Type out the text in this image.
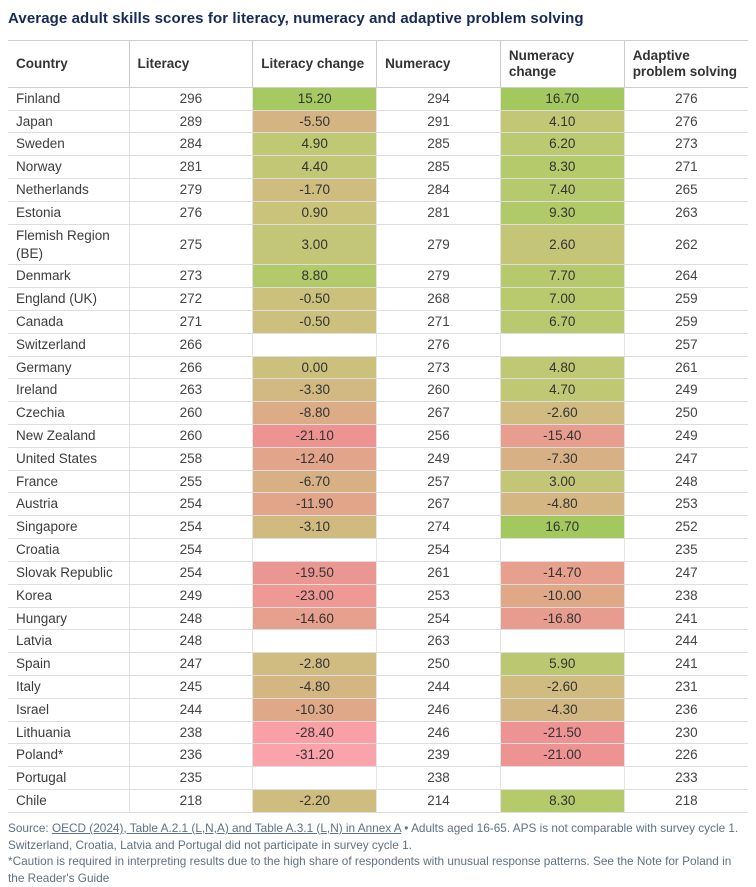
Average adult skills scores for literacy, numeracy and adaptive problem solving
Country	Literacy	Literacy change	Numeracy	Numeracy change	Adaptive problem solving
Finland	296	15.20	294	16.70	276
Japan	289	-5.50	291	4.10	276
Sweden	284	4.90	285	6.20	273
Norway	281	4.40	285	8.30	271
Netherlands	279	-1.70	284	7.40	265
Estonia	276	0.90	281	9.30	263
Flemish Region (BE)	275	3.00	279	2.60	262
Denmark	273	8.80	279	7.70	264
England (UK)	272	-0.50	268	7.00	259
Canada	271	-0.50	271	6.70	259
Switzerland	266		276		257
Germany	266	0.00	273	4.80	261
Ireland	263	-3.30	260	4.70	249
Czechia	260	-8.80	267	-2.60	250
New Zealand	260	-21.10	256	-15.40	249
United States	258	-12.40	249	-7.30	247
France	255	-6.70	257	3.00	248
Austria	254	-11.90	267	-4.80	253
Singapore	254	-3.10	274	16.70	252
Croatia	254		254		235
Slovak Republic	254	-19.50	261	-14.70	247
Korea	249	-23.00	253	-10.00	238
Hungary	248	-14.60	254	-16.80	241
Latvia	248		263		244
Spain	247	-2.80	250	5.90	241
Italy	245	-4.80	244	-2.60	231
Israel	244	-10.30	246	-4.30	236
Lithuania	238	-28.40	246	-21.50	230
Poland*	236	-31.20	239	-21.00	226
Portugal	235		238		233
Chile	218	-2.20	214	8.30	218
Source: OECD (2024), Table A.2.1 (L,N,A) and Table A.3.1 (L,N) in Annex A • Adults aged 16-65. APS is not comparable with survey cycle 1. Switzerland, Croatia, Latvia and Portugal did not participate in survey cycle 1.
*Caution is required in interpreting results due to the high share of respondents with unusual response patterns. See the Note for Poland in the Reader's Guide
